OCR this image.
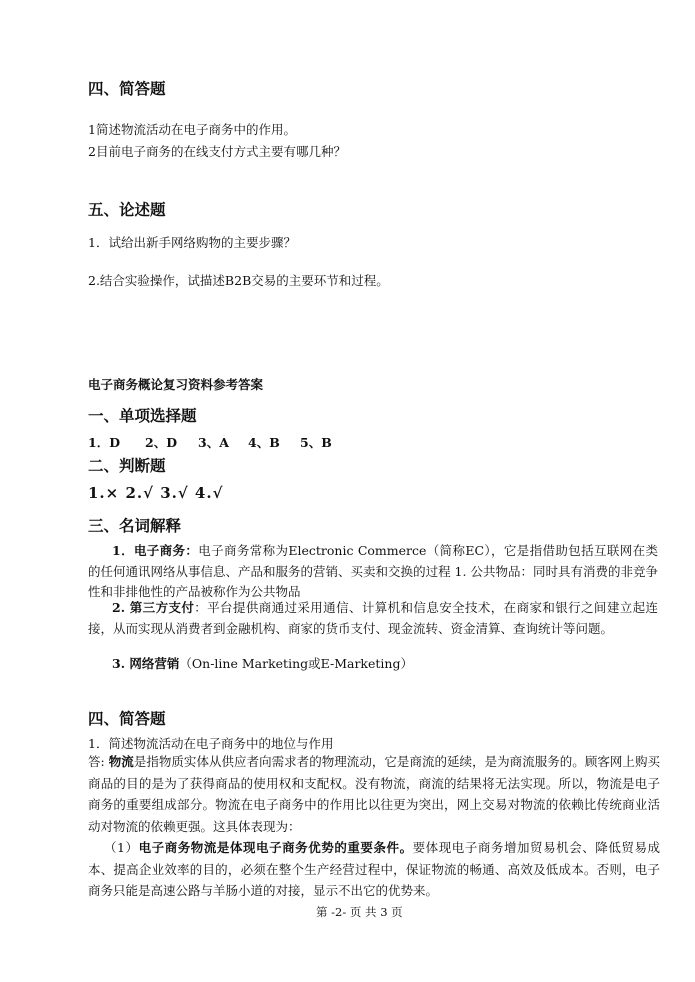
四、简答题
1简述物流活动在电子商务中的作用。
2目前电子商务的在线支付方式主要有哪几种？
五、论述题
1．试给出新手网络购物的主要步骤？
2.结合实验操作，试描述B2B交易的主要环节和过程。
电子商务概论复习资料参考答案
一、单项选择题
1．D 2、D 3、A 4、B 5、B
二、判断题
1.× 2.√ 3.√ 4.√
三、名词解释
1．电子商务：电子商务常称为Electronic Commerce（简称EC），它是指借助包括互联网在类的任何通讯网络从事信息、产品和服务的营销、买卖和交换的过程 1. 公共物品：同时具有消费的非竞争性和非排他性的产品被称作为公共物品
2. 第三方支付：平台提供商通过采用通信、计算机和信息安全技术，在商家和银行之间建立起连接，从而实现从消费者到金融机构、商家的货币支付、现金流转、资金清算、查询统计等问题。
3. 网络营销（On-line Marketing或E-Marketing）
四、简答题
1．简述物流活动在电子商务中的地位与作用
答: 物流是指物质实体从供应者向需求者的物理流动，它是商流的延续，是为商流服务的。顾客网上购买商品的目的是为了获得商品的使用权和支配权。没有物流，商流的结果将无法实现。所以，物流是电子商务的重要组成部分。物流在电子商务中的作用比以往更为突出，网上交易对物流的依赖比传统商业活动对物流的依赖更强。这具体表现为：
（1）电子商务物流是体现电子商务优势的重要条件。要体现电子商务增加贸易机会、降低贸易成本、提高企业效率的目的，必须在整个生产经营过程中，保证物流的畅通、高效及低成本。否则，电子商务只能是高速公路与羊肠小道的对接，显示不出它的优势来。
第 -2- 页 共 3 页
